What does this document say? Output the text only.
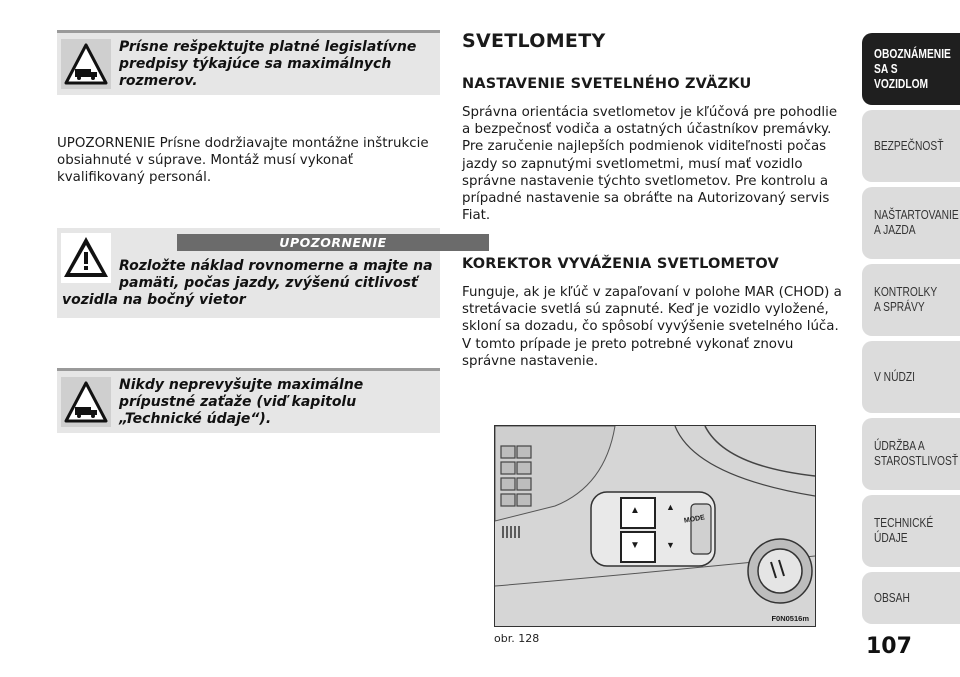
Prísne rešpektujte platné legislatívne predpisy týkajúce sa maximálnych rozmerov.
UPOZORNENIE Prísne dodržiavajte montážne inštrukcie obsiahnuté v súprave. Montáž musí vykonať kvalifikovaný personál.
UPOZORNENIE
Rozložte náklad rovnomerne a majte na
pamäti, počas jazdy, zvýšenú citlivosť
vozidla na bočný vietor
Nikdy neprevyšujte maximálne prípustné zaťaže (viď kapitolu „Technické údaje“).
SVETLOMETY
NASTAVENIE SVETELNÉHO ZVÄZKU
Správna orientácia svetlometov je kľúčová pre pohodlie a bezpečnosť vodiča a ostatných účastníkov premávky. Pre zaručenie najlepších podmienok viditeľnosti počas jazdy so zapnutými svetlometmi, musí mať vozidlo správne nastavenie týchto svetlometov. Pre kontrolu a prípadné nastavenie sa obráťte na Autorizovaný servis Fiat.
KOREKTOR VYVÁŽENIA SVETLOMETOV
Funguje, ak je kľúč v zapaľovaní v polohe MAR (CHOD) a stretávacie svetlá sú zapnuté. Keď je vozidlo vyložené, skloní sa dozadu, čo spôsobí vyvýšenie svetelného lúča. V tomto prípade je preto potrebné vykonať znovu správne nastavenie.
▲
▼
▲
▼
MODE
F0N0516m
obr. 128
OBOZNÁMENIE
SA S VOZIDLOM
BEZPEČNOSŤ
NAŠTARTOVANIE
A JAZDA
KONTROLKY
A SPRÁVY
V NÚDZI
ÚDRŽBA A
STAROSTLIVOSŤ
TECHNICKÉ
ÚDAJE
OBSAH
107
